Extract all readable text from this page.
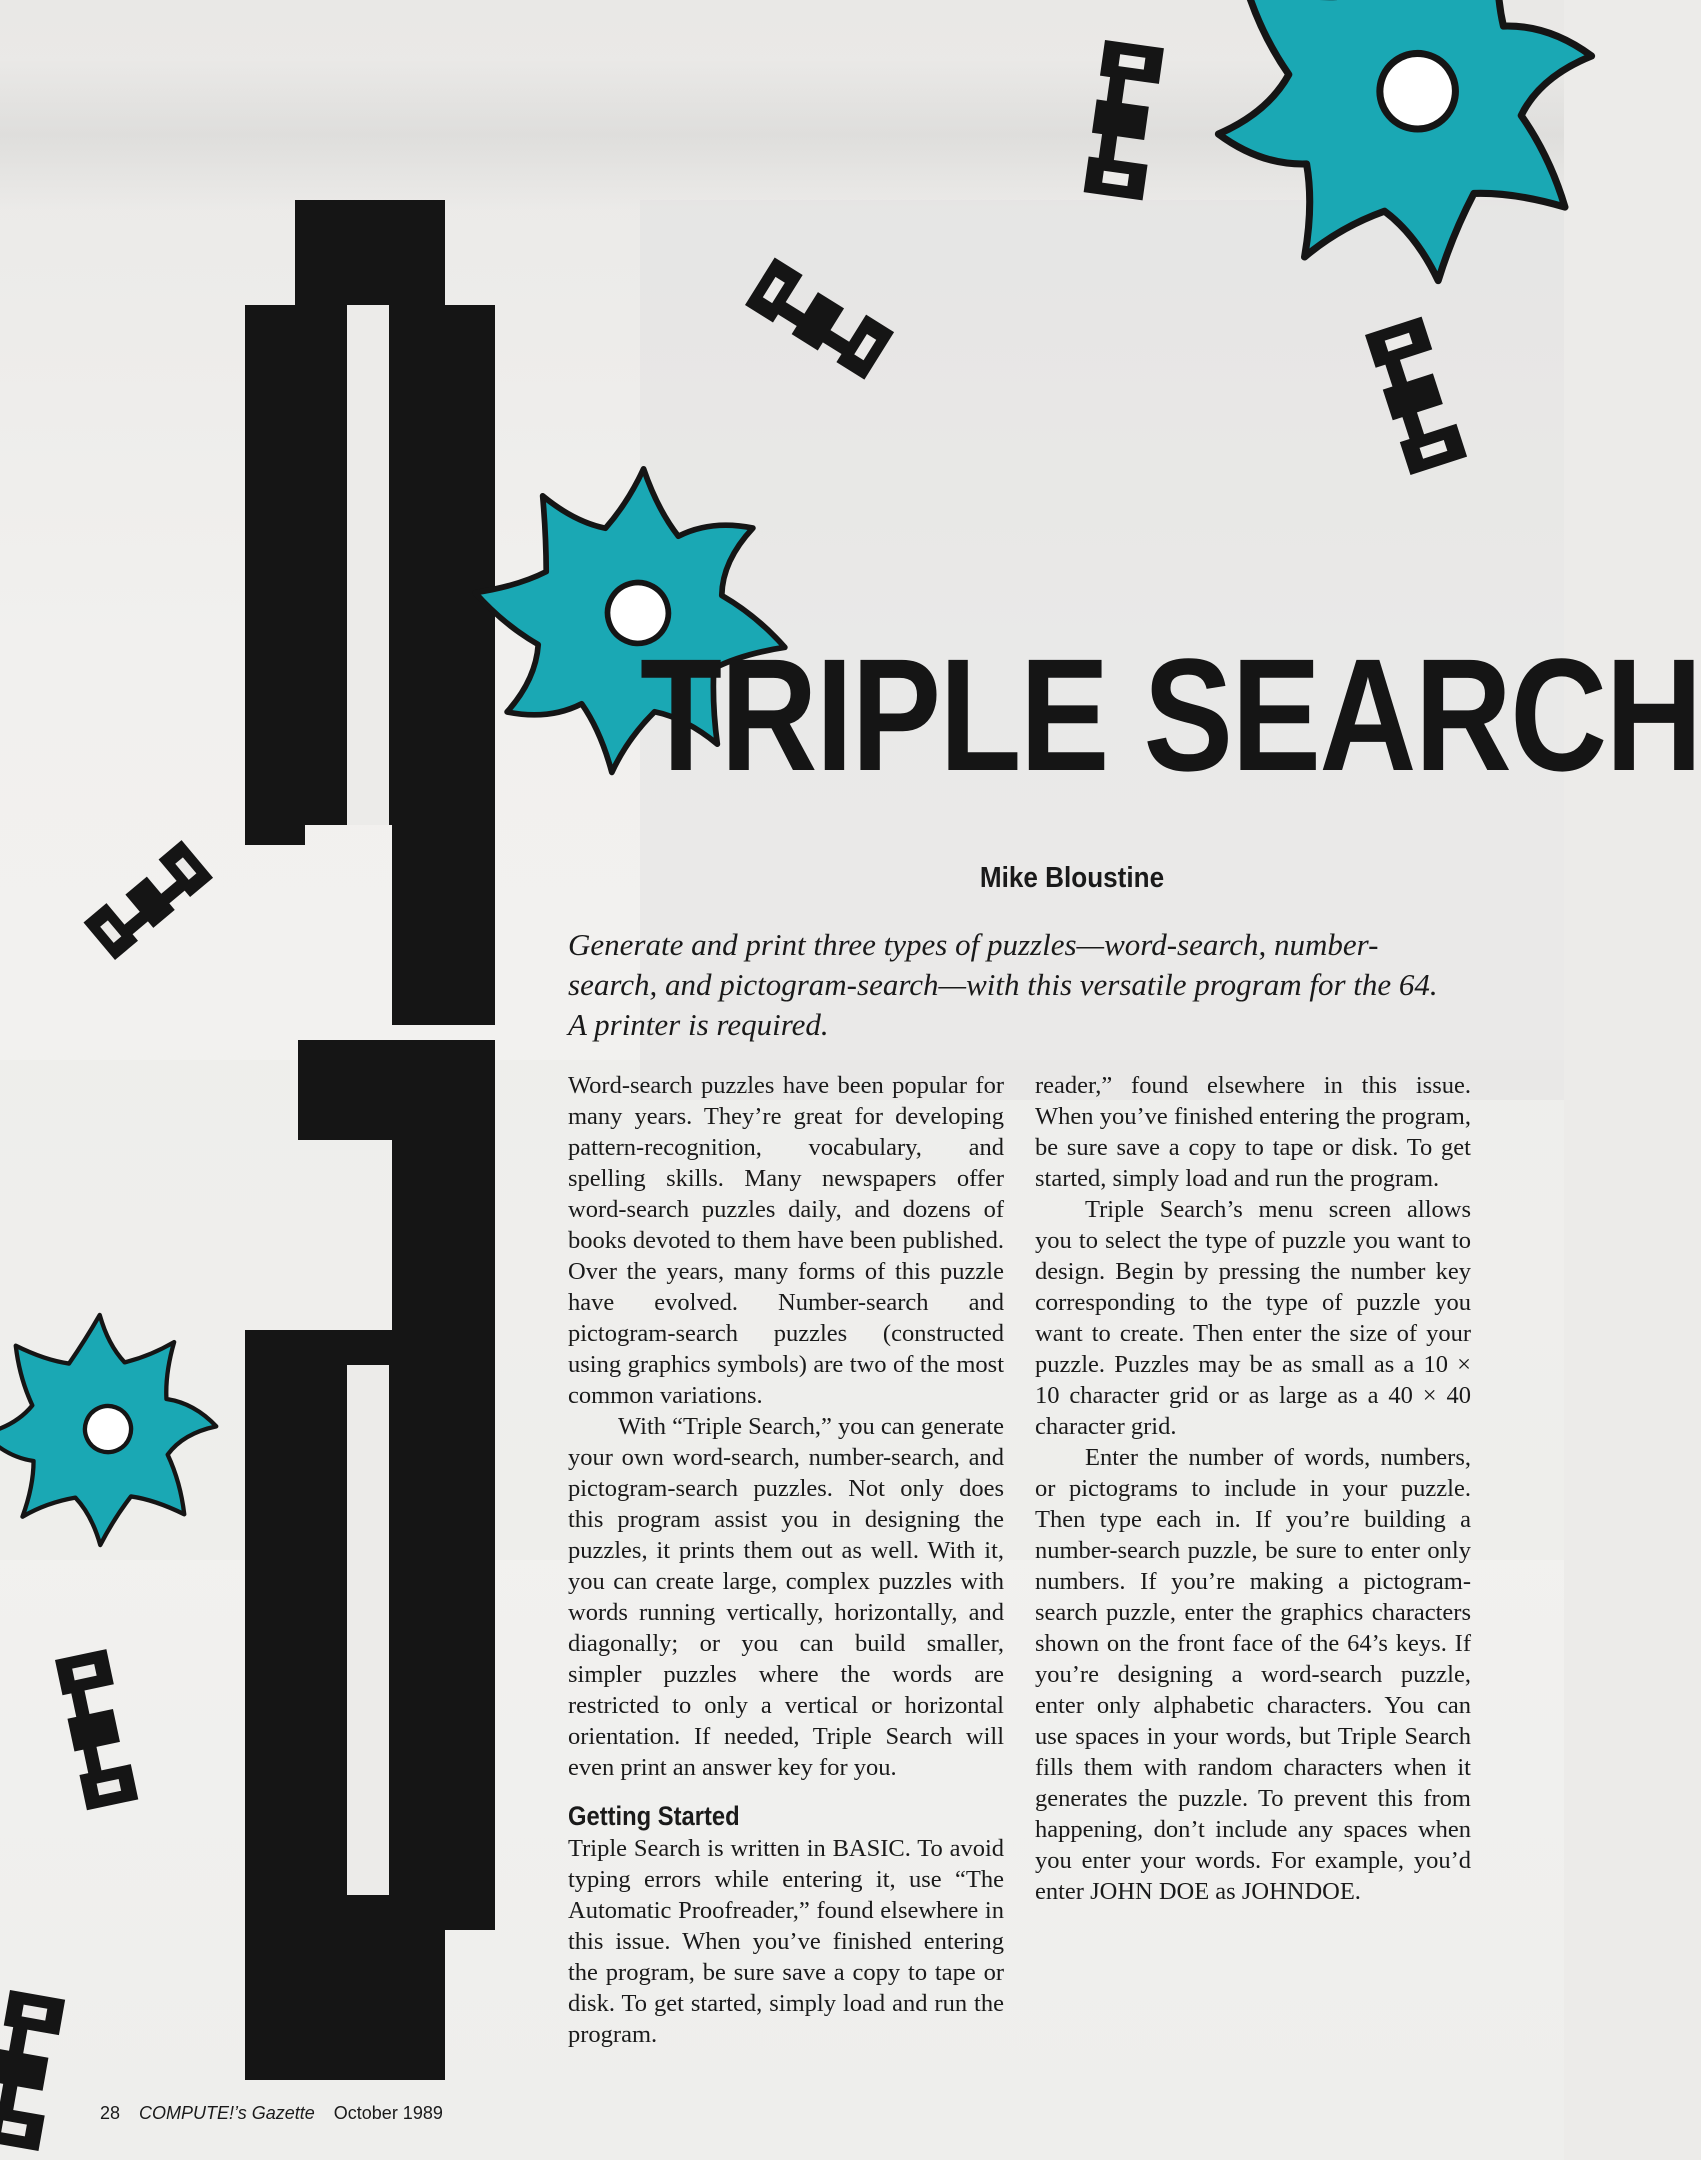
TRIPLE SEARCH

Mike Bloustine

Generate and print three types of puzzles—word-search, number-search, and pictogram-search—with this versatile program for the 64. A printer is required.

Word-search puzzles have been popular for many years. They’re great for developing pattern-recognition, vocabulary, and spelling skills. Many newspapers offer word-search puzzles daily, and dozens of books devoted to them have been published. Over the years, many forms of this puzzle have evolved. Number-search and pictogram-search puzzles (constructed using graphics symbols) are two of the most common variations.

With “Triple Search,” you can generate your own word-search, number-search, and pictogram-search puzzles. Not only does this program assist you in designing the puzzles, it prints them out as well. With it, you can create large, complex puzzles with words running vertically, horizontally, and diagonally; or you can build smaller, simpler puzzles where the words are restricted to only a vertical or horizontal orientation. If needed, Triple Search will even print an answer key for you.

Getting Started

Triple Search is written in BASIC. To avoid typing errors while entering it, use “The Automatic Proofreader,” found elsewhere in this issue. When you’ve finished entering the program, be sure save a copy to tape or disk. To get started, simply load and run the program.

reader,” found elsewhere in this issue. When you’ve finished entering the program, be sure save a copy to tape or disk. To get started, simply load and run the program.

Triple Search’s menu screen allows you to select the type of puzzle you want to design. Begin by pressing the number key corresponding to the type of puzzle you want to create. Then enter the size of your puzzle. Puzzles may be as small as a 10 × 10 character grid or as large as a 40 × 40 character grid.

Enter the number of words, numbers, or pictograms to include in your puzzle. Then type each in. If you’re building a number-search puzzle, be sure to enter only numbers. If you’re making a pictogram-search puzzle, enter the graphics characters shown on the front face of the 64’s keys. If you’re designing a word-search puzzle, enter only alphabetic characters. You can use spaces in your words, but Triple Search fills them with random characters when it generates the puzzle. To prevent this from happening, don’t include any spaces when you enter your words. For example, you’d enter JOHN DOE as JOHNDOE.

28 COMPUTE!’s Gazette October 1989
